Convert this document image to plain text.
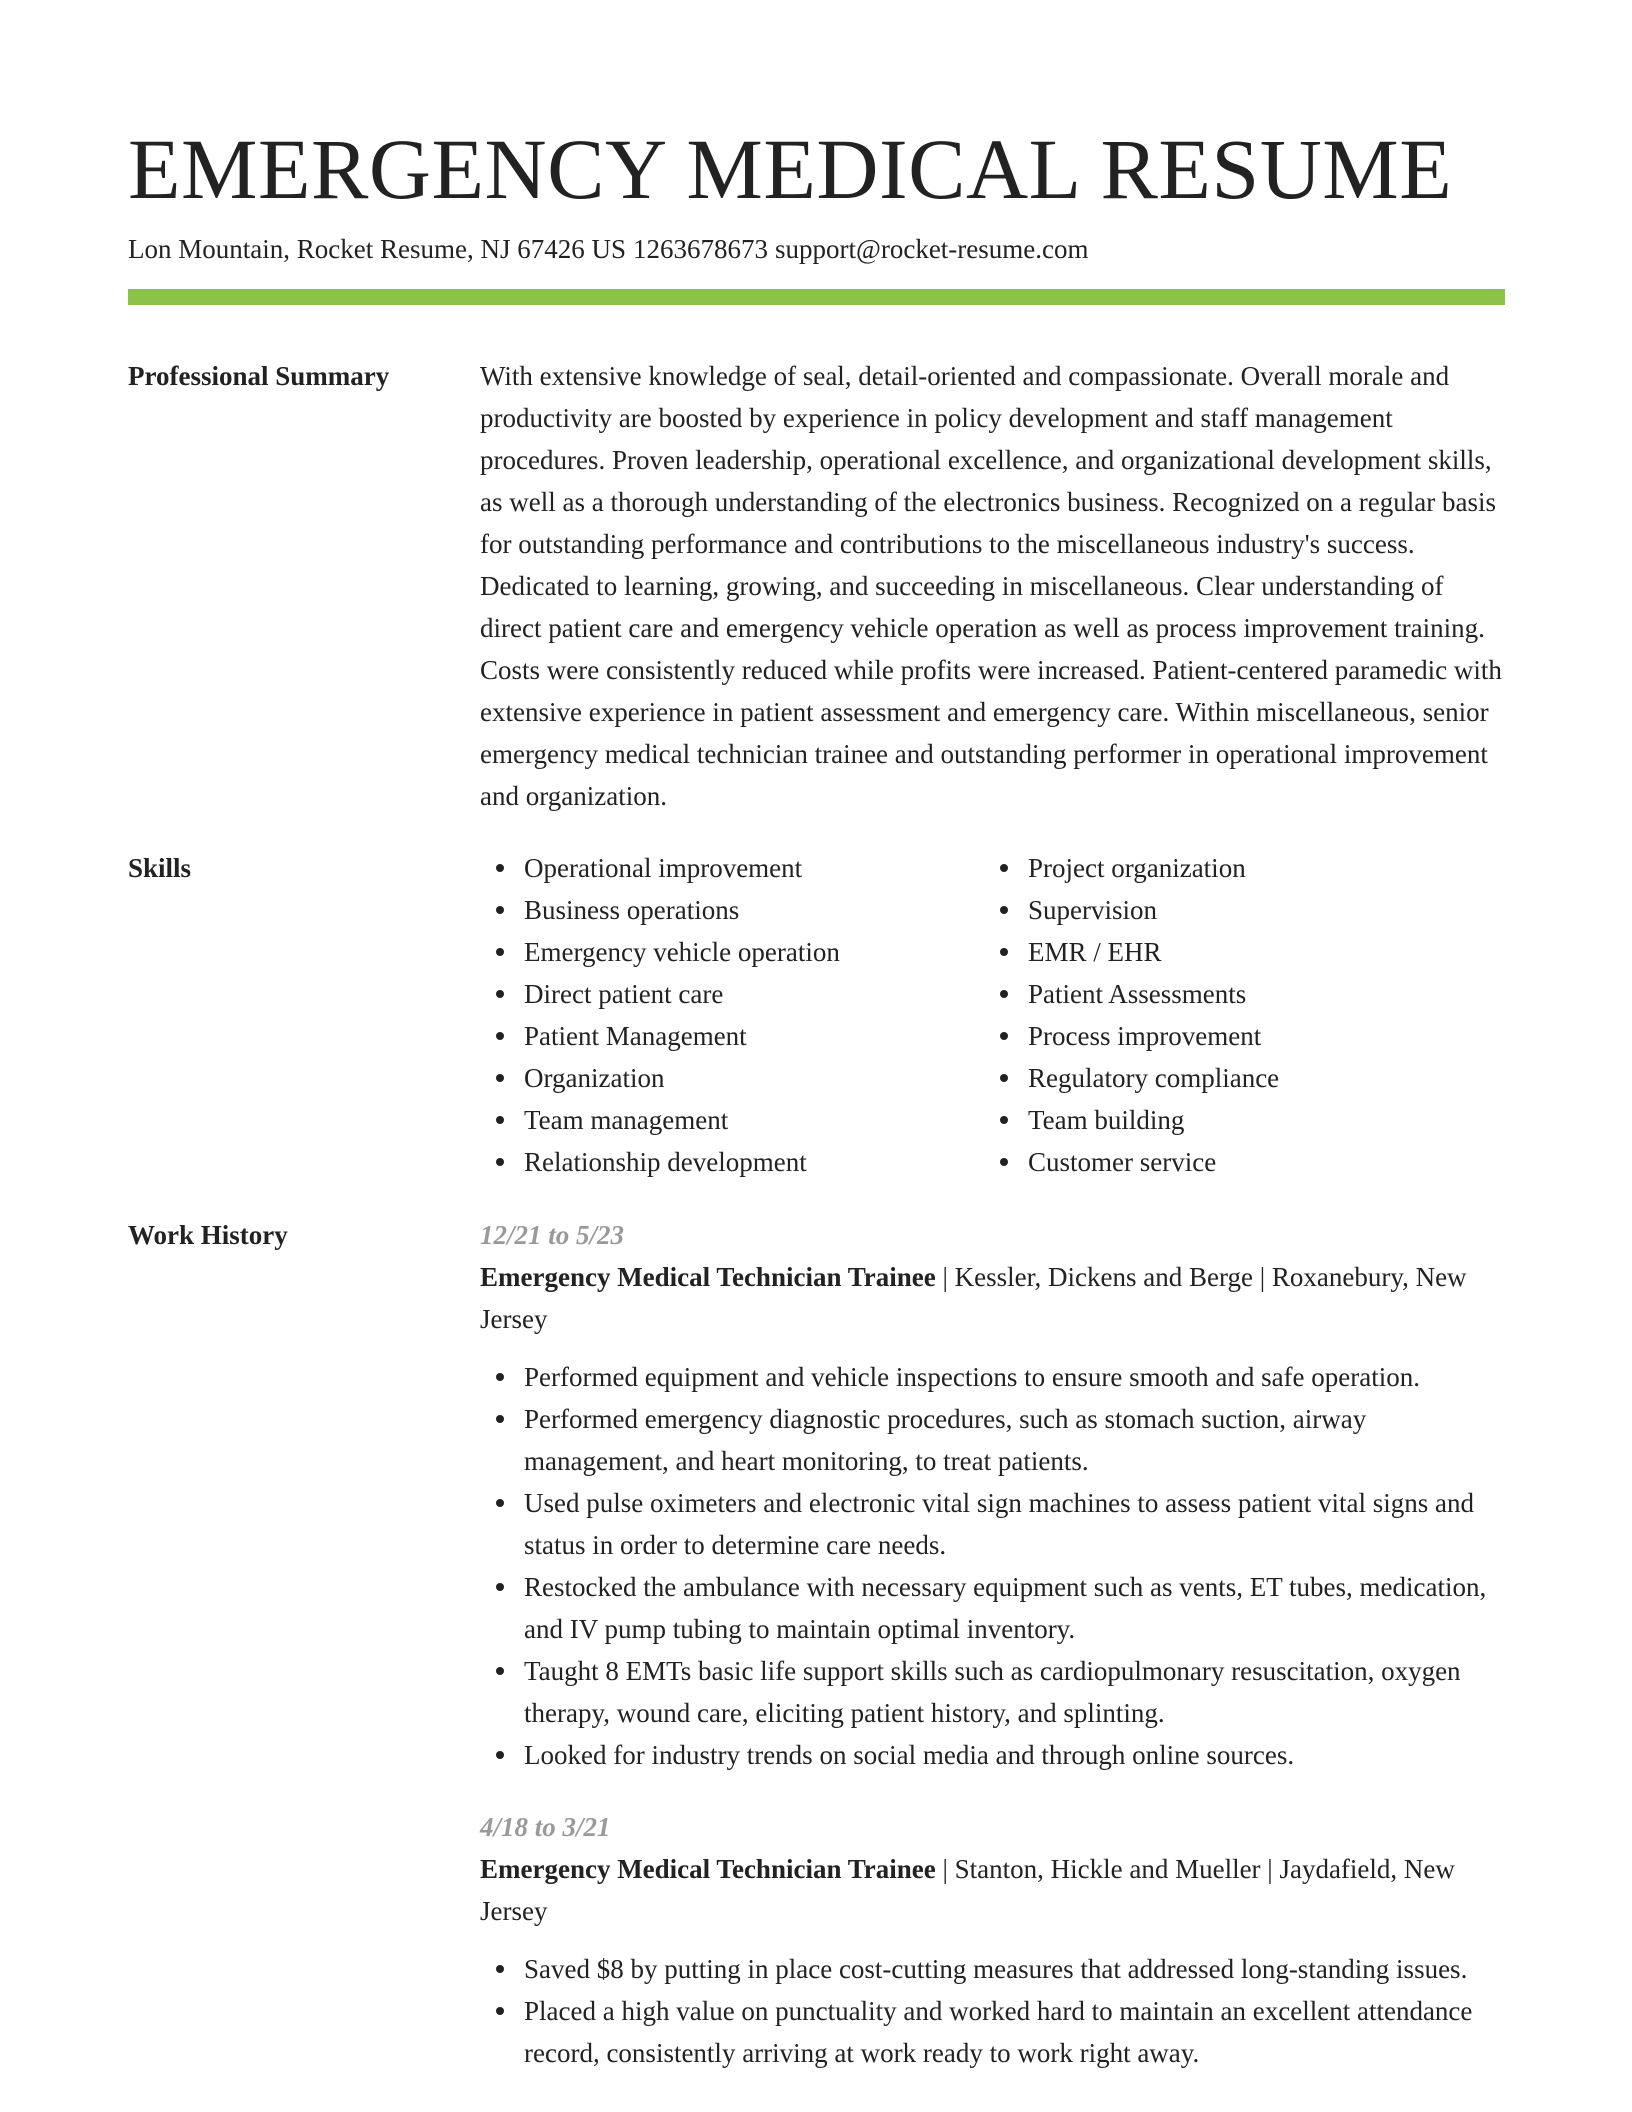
EMERGENCY MEDICAL RESUME
Lon Mountain, Rocket Resume, NJ 67426 US 1263678673 support@rocket-resume.com
Professional Summary	With extensive knowledge of seal, detail-oriented and compassionate. Overall morale and productivity are boosted by experience in policy development and staff management procedures. Proven leadership, operational excellence, and organizational development skills, as well as a thorough understanding of the electronics business. Recognized on a regular basis for outstanding performance and contributions to the miscellaneous industry's success. Dedicated to learning, growing, and succeeding in miscellaneous. Clear understanding of direct patient care and emergency vehicle operation as well as process improvement training. Costs were consistently reduced while profits were increased. Patient-centered paramedic with extensive experience in patient assessment and emergency care. Within miscellaneous, senior emergency medical technician trainee and outstanding performer in operational improvement and organization.

Skills	Operational improvement
Business operations
Emergency vehicle operation
Direct patient care
Patient Management
Organization
Team management
Relationship development
Project organization
Supervision
EMR / EHR
Patient Assessments
Process improvement
Regulatory compliance
Team building
Customer service
Work History	12/21 to 5/23
Emergency Medical Technician Trainee | Kessler, Dickens and Berge | Roxanebury, New Jersey
Performed equipment and vehicle inspections to ensure smooth and safe operation.
Performed emergency diagnostic procedures, such as stomach suction, airway management, and heart monitoring, to treat patients.
Used pulse oximeters and electronic vital sign machines to assess patient vital signs and status in order to determine care needs.
Restocked the ambulance with necessary equipment such as vents, ET tubes, medication, and IV pump tubing to maintain optimal inventory.
Taught 8 EMTs basic life support skills such as cardiopulmonary resuscitation, oxygen therapy, wound care, eliciting patient history, and splinting.
Looked for industry trends on social media and through online sources.
4/18 to 3/21
Emergency Medical Technician Trainee | Stanton, Hickle and Mueller | Jaydafield, New Jersey
Saved $8 by putting in place cost-cutting measures that addressed long-standing issues.
Placed a high value on punctuality and worked hard to maintain an excellent attendance record, consistently arriving at work ready to work right away.
